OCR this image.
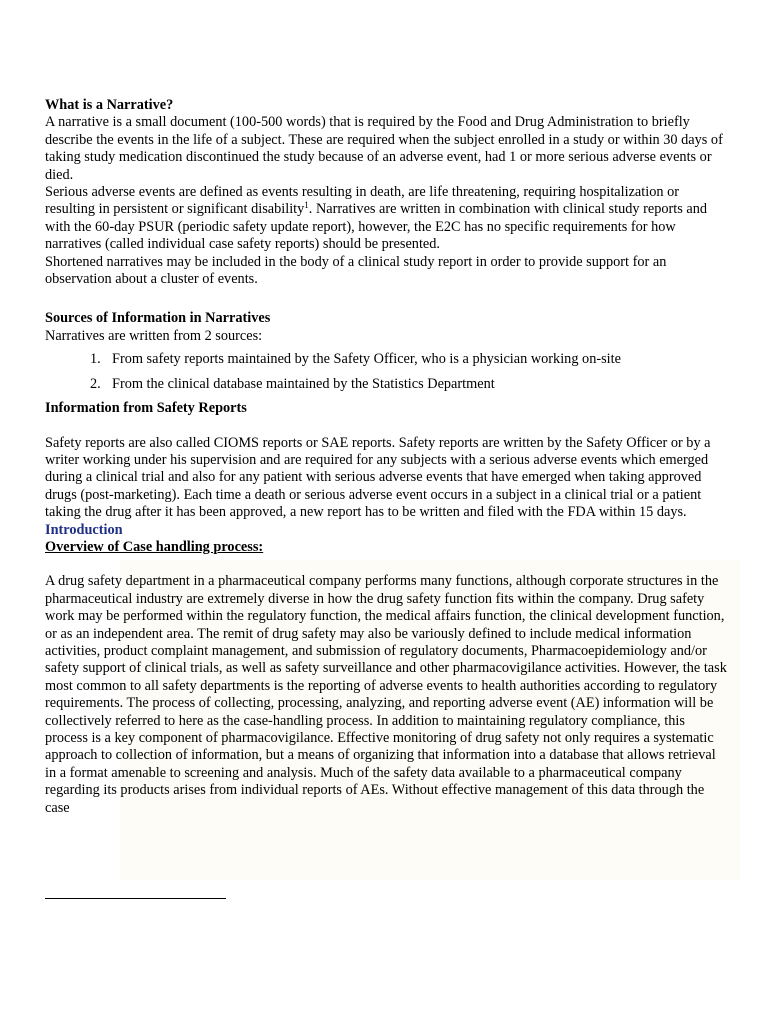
What is a Narrative?

A narrative is a small document (100-500 words) that is required by the Food and Drug Administration to briefly describe the events in the life of a subject. These are required when the subject enrolled in a study or within 30 days of taking study medication discontinued the study because of an adverse event, had 1 or more serious adverse events or died.

Serious adverse events are defined as events resulting in death, are life threatening, requiring hospitalization or resulting in persistent or significant disability$^1$. Narratives are written in combination with clinical study reports and with the 60-day PSUR (periodic safety update report), however, the E2C has no specific requirements for how narratives (called individual case safety reports) should be presented.

Shortened narratives may be included in the body of a clinical study report in order to provide support for an observation about a cluster of events.

Sources of Information in Narratives

Narratives are written from 2 sources:

1. From safety reports maintained by the Safety Officer, who is a physician working on-site
2. From the clinical database maintained by the Statistics Department
Information from Safety Reports

Safety reports are also called CIOMS reports or SAE reports. Safety reports are written by the Safety Officer or by a writer working under his supervision and are required for any subjects with a serious adverse events which emerged during a clinical trial and also for any patient with serious adverse events that have emerged when taking approved drugs (post-marketing). Each time a death or serious adverse event occurs in a subject in a clinical trial or a patient taking the drug after it has been approved, a new report has to be written and filed with the FDA within 15 days.

Introduction
Overview of Case handling process:

A drug safety department in a pharmaceutical company performs many functions, although corporate structures in the pharmaceutical industry are extremely diverse in how the drug safety function fits within the company. Drug safety work may be performed within the regulatory function, the medical affairs function, the clinical development function, or as an independent area. The remit of drug safety may also be variously defined to include medical information activities, product complaint management, and submission of regulatory documents, Pharmacoepidemiology and/or safety support of clinical trials, as well as safety surveillance and other pharmacovigilance activities. However, the task most common to all safety departments is the reporting of adverse events to health authorities according to regulatory requirements. The process of collecting, processing, analyzing, and reporting adverse event (AE) information will be collectively referred to here as the case-handling process. In addition to maintaining regulatory compliance, this process is a key component of pharmacovigilance. Effective monitoring of drug safety not only requires a systematic approach to collection of information, but a means of organizing that information into a database that allows retrieval in a format amenable to screening and analysis. Much of the safety data available to a pharmaceutical company regarding its products arises from individual reports of AEs. Without effective management of this data through the case
